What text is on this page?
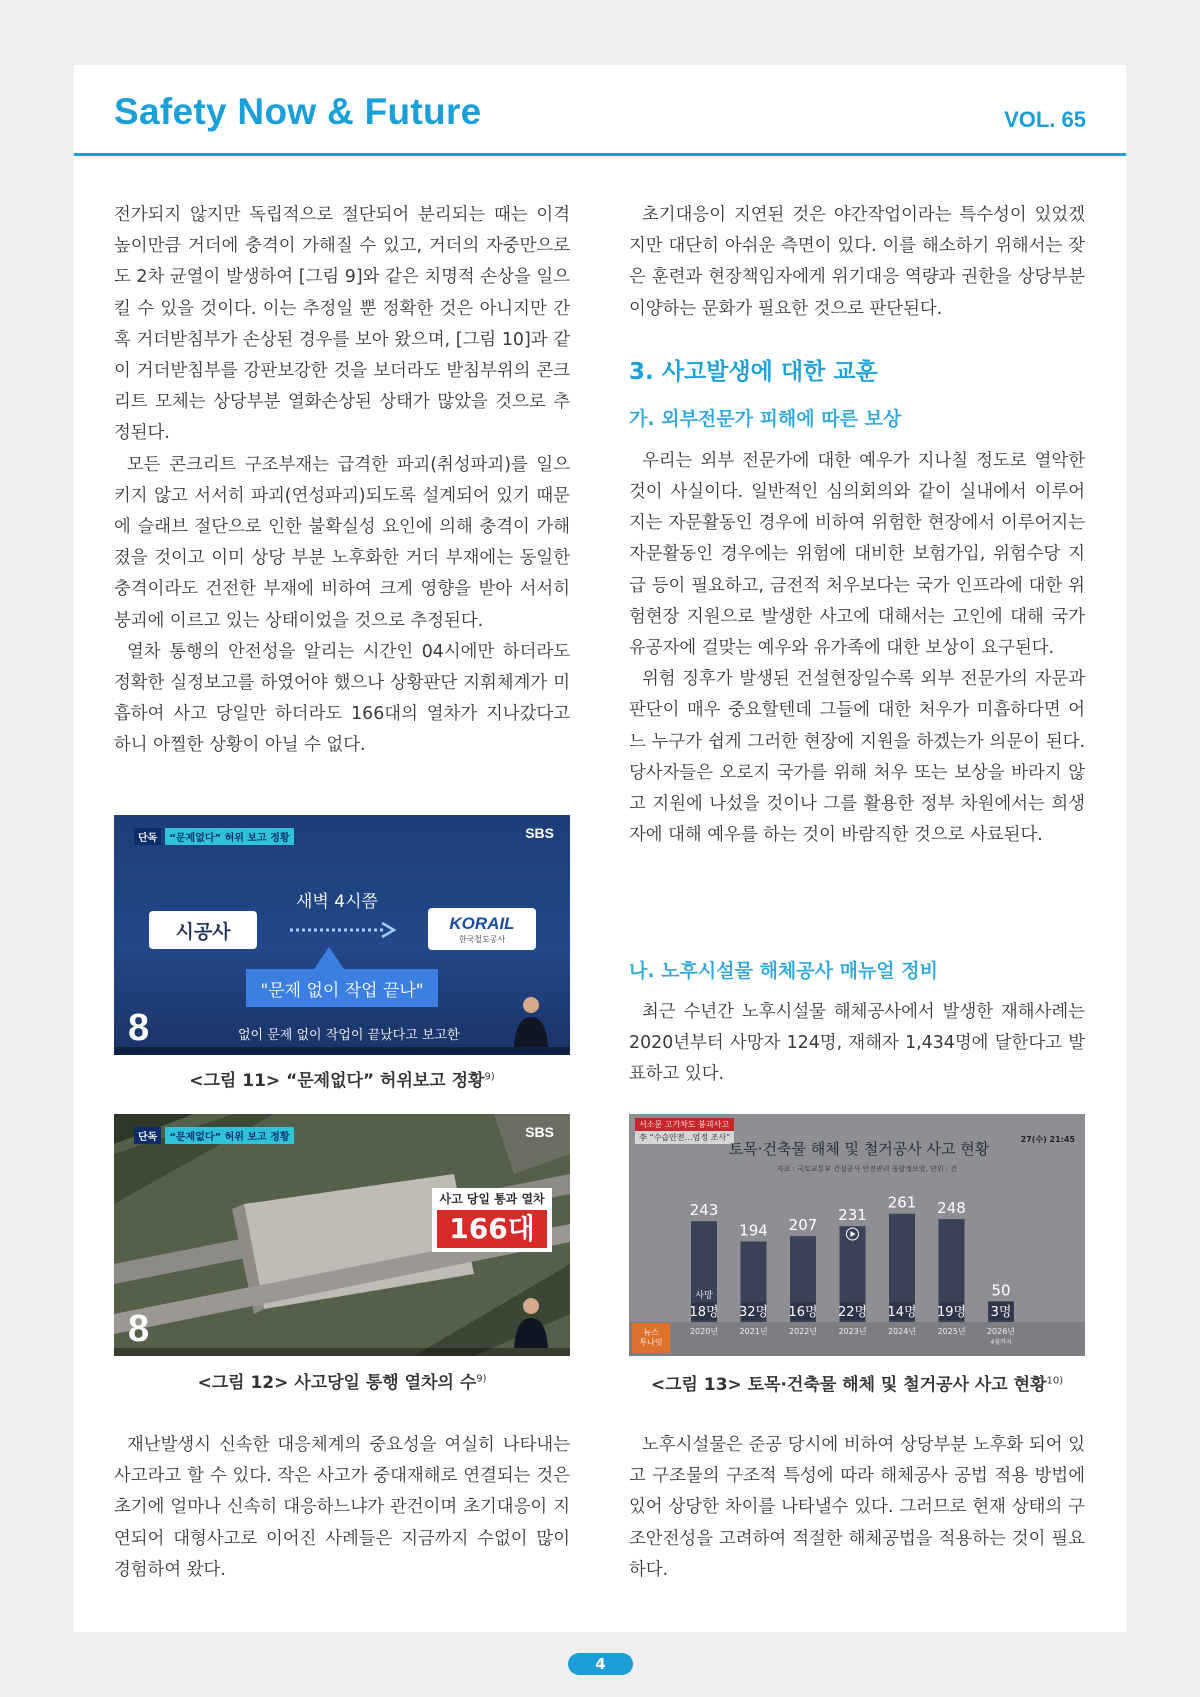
Safety Now & Future	VOL. 65

전가되지 않지만 독립적으로 절단되어 분리되는 때는 이격 높이만큼 거더에 충격이 가해질 수 있고, 거더의 자중만으로도 2차 균열이 발생하여 [그림 9]와 같은 치명적 손상을 일으킬 수 있을 것이다. 이는 추정일 뿐 정확한 것은 아니지만 간혹 거더받침부가 손상된 경우를 보아 왔으며, [그림 10]과 같이 거더받침부를 강판보강한 것을 보더라도 받침부위의 콘크리트 모체는 상당부분 열화손상된 상태가 많았을 것으로 추정된다.

모든 콘크리트 구조부재는 급격한 파괴(취성파괴)를 일으키지 않고 서서히 파괴(연성파괴)되도록 설계되어 있기 때문에 슬래브 절단으로 인한 불확실성 요인에 의해 충격이 가해졌을 것이고 이미 상당 부분 노후화한 거더 부재에는 동일한 충격이라도 건전한 부재에 비하여 크게 영향을 받아 서서히 붕괴에 이르고 있는 상태이었을 것으로 추정된다.

열차 통행의 안전성을 알리는 시간인 04시에만 하더라도 정확한 실정보고를 하였어야 했으나 상황판단 지휘체계가 미흡하여 사고 당일만 하더라도 166대의 열차가 지나갔다고 하니 아찔한 상황이 아닐 수 없다.

단독	“문제없다” 허위 보고 정황	SBS
새벽 4시쯤
시공사	KORAIL
한국철도공사
"문제 없이 작업 끝나"
8	없이 문제 없이 작업이 끝났다고 보고한
<그림 11> “문제없다” 허위보고 정황$^{9)}$
단독	“문제없다” 허위 보고 정황	SBS
사고 당일 통과 열차
166대
8
<그림 12> 사고당일 통행 열차의 수$^{9)}$

재난발생시 신속한 대응체계의 중요성을 여실히 나타내는 사고라고 할 수 있다. 작은 사고가 중대재해로 연결되는 것은 초기에 얼마나 신속히 대응하느냐가 관건이며 초기대응이 지연되어 대형사고로 이어진 사례들은 지금까지 수없이 많이 경험하여 왔다.

초기대응이 지연된 것은 야간작업이라는 특수성이 있었겠지만 대단히 아쉬운 측면이 있다. 이를 해소하기 위해서는 잦은 훈련과 현장책임자에게 위기대응 역량과 권한을 상당부분 이양하는 문화가 필요한 것으로 판단된다.

3. 사고발생에 대한 교훈
가. 외부전문가 피해에 따른 보상

우리는 외부 전문가에 대한 예우가 지나칠 정도로 열악한 것이 사실이다. 일반적인 심의회의와 같이 실내에서 이루어지는 자문활동인 경우에 비하여 위험한 현장에서 이루어지는 자문활동인 경우에는 위험에 대비한 보험가입, 위험수당 지급 등이 필요하고, 금전적 처우보다는 국가 인프라에 대한 위험현장 지원으로 발생한 사고에 대해서는 고인에 대해 국가유공자에 걸맞는 예우와 유가족에 대한 보상이 요구된다.

위험 징후가 발생된 건설현장일수록 외부 전문가의 자문과 판단이 매우 중요할텐데 그들에 대한 처우가 미흡하다면 어느 누구가 쉽게 그러한 현장에 지원을 하겠는가 의문이 된다. 당사자들은 오로지 국가를 위해 처우 또는 보상을 바라지 않고 지원에 나섰을 것이나 그를 활용한 정부 차원에서는 희생자에 대해 예우를 하는 것이 바람직한 것으로 사료된다.

나. 노후시설물 해체공사 매뉴얼 정비

최근 수년간 노후시설물 해체공사에서 발생한 재해사례는 2020년부터 사망자 124명, 재해자 1,434명에 달한다고 발표하고 있다.

서소문 고가차도 붕괴사고
李 “수습안전…엄정 조사”	27(수) 21:45
토목·건축물 해체 및 철거공사 사고 현황
자료 : 국토교통부 건설공사 안전관리 종합정보망, 단위 : 건
243
18명
2020년
194
32명
2021년
207
16명
2022년
231
22명
2023년
261
14명
2024년
248
19명
2025년
50
3명
2026년
4월까지
사망
뉴스
투나잇
<그림 13> 토목·건축물 해체 및 철거공사 사고 현황$^{10)}$

노후시설물은 준공 당시에 비하여 상당부분 노후화 되어 있고 구조물의 구조적 특성에 따라 해체공사 공법 적용 방법에 있어 상당한 차이를 나타낼수 있다. 그러므로 현재 상태의 구조안전성을 고려하여 적절한 해체공법을 적용하는 것이 필요하다.

4
